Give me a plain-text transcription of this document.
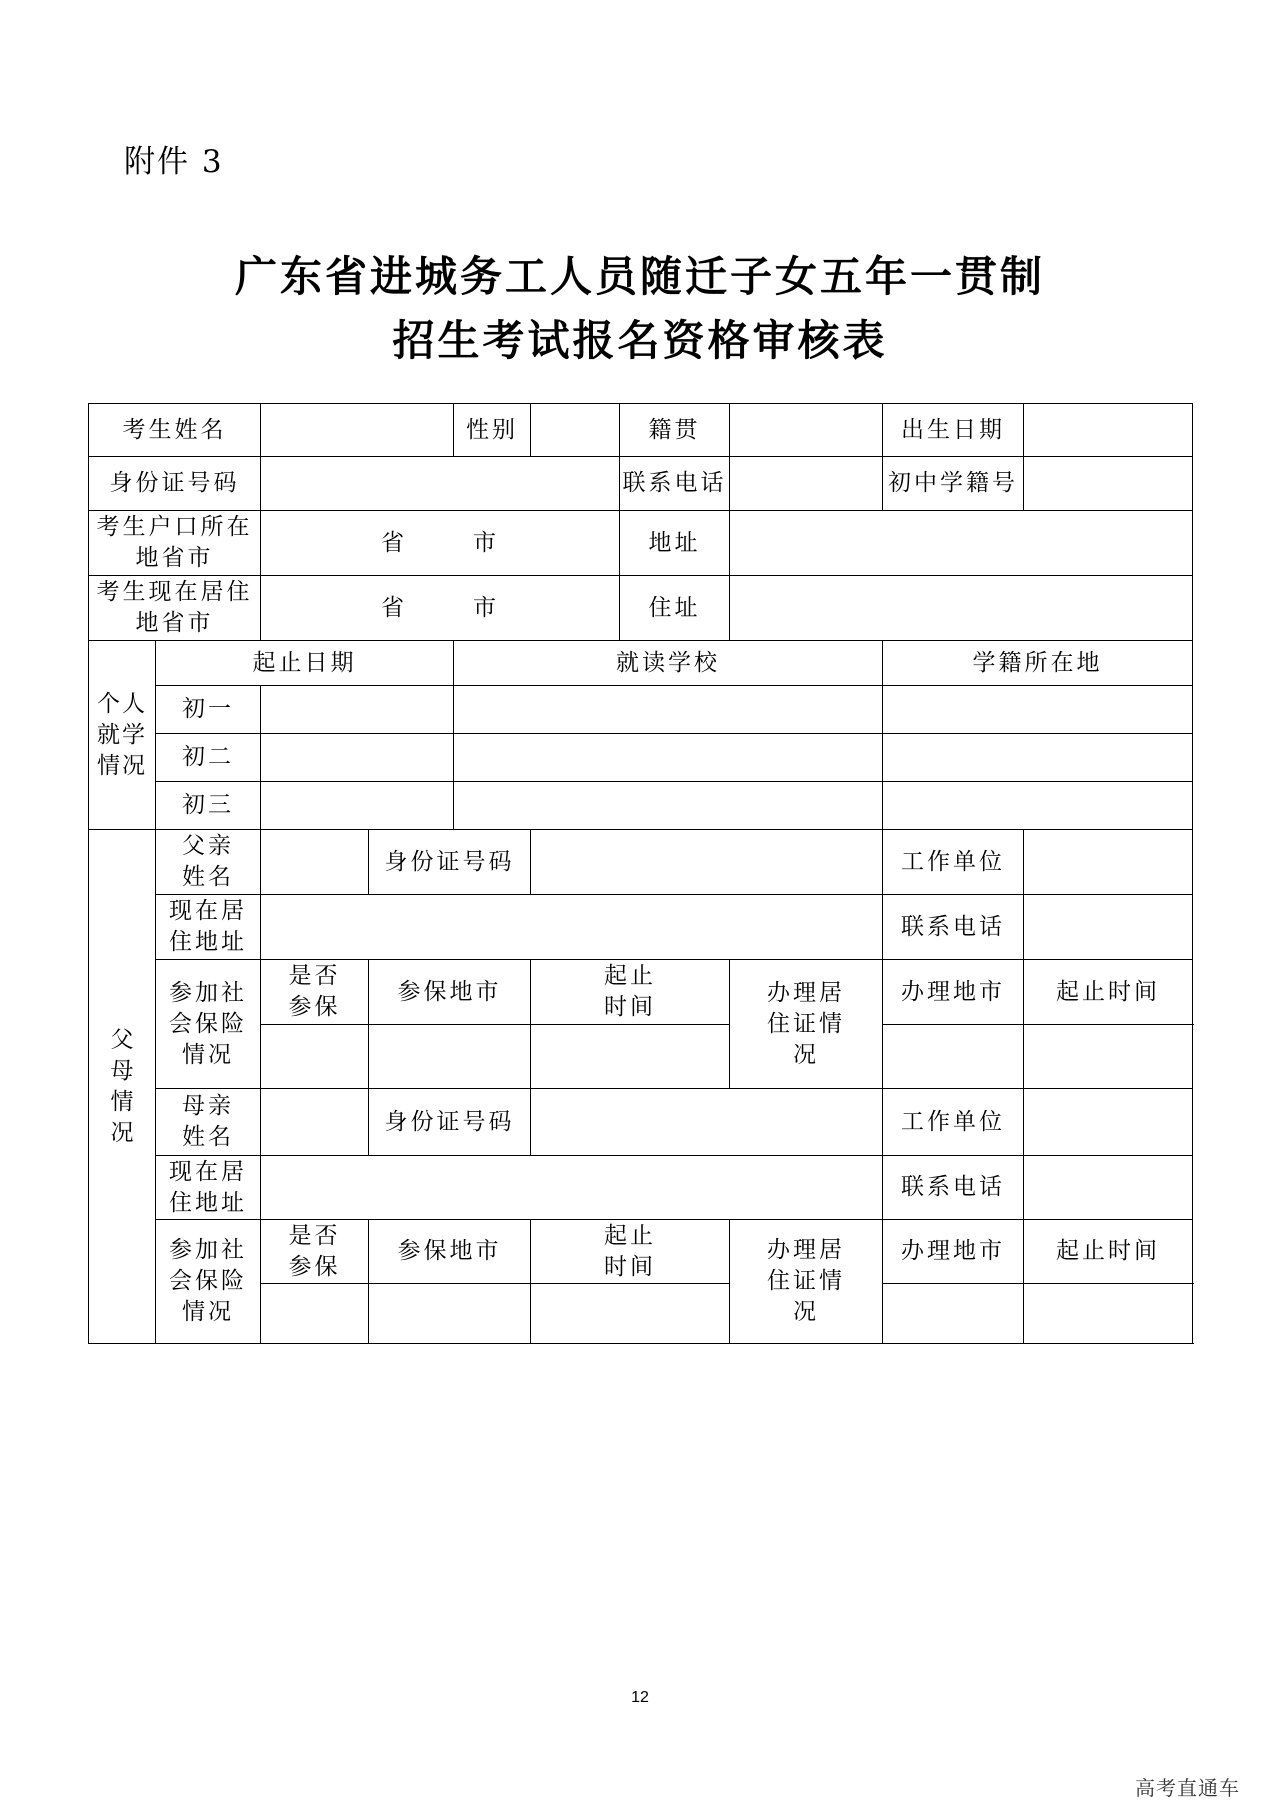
附件 3
广东省进城务工人员随迁子女五年一贯制
招生考试报名资格审核表
考生姓名				性别		籍贯		出生日期	
身份证号码						联系电话		初中学籍号	
考生户口所在地省市		省 市				地址			
考生现在居住地省市		省 市				住址			

个人就学情况	起止日期			就读学校				学籍所在地	
	初一								
	初二								
	初三								

父母情况	父亲姓名		身份证号码					工作单位	

	现在居住地址							联系电话	

	参加社会保险情况	是否参保	参保地市		起止时间		办理居住证情况	办理地市	起止时间

	母亲姓名		身份证号码					工作单位	

	现在居住地址							联系电话	

	参加社会保险情况	是否参保	参保地市		起止时间		办理居住证情况	办理地市	起止时间

12
高考直通车
